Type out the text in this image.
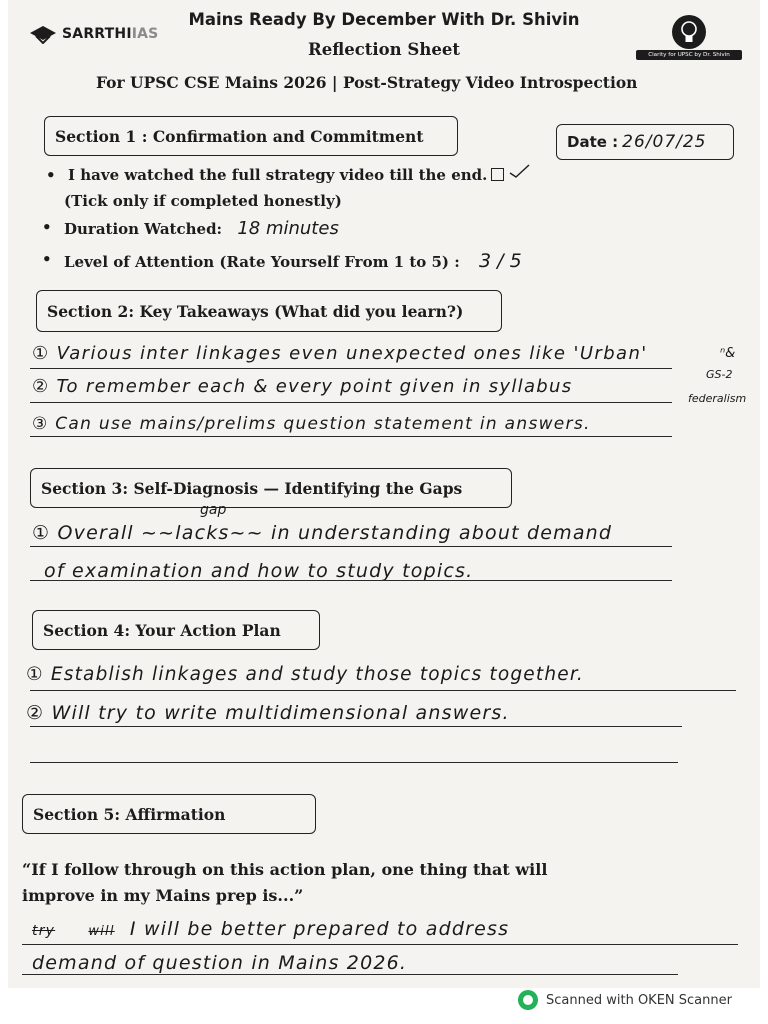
SARRTHIIAS
Mains Ready By December With Dr. Shivin
Reflection Sheet
For UPSC CSE Mains 2026 | Post-Strategy Video Introspection
Clarity for UPSC by Dr. Shivin
Section 1 : Confirmation and Commitment	Date : 26/07/25
• I have watched the full strategy video till the end.
(Tick only if completed honestly)
• Duration Watched: 18 minutes
• Level of Attention (Rate Yourself From 1 to 5) : 3 / 5
Section 2: Key Takeaways (What did you learn?)
① Various inter linkages even unexpected ones like 'Urban'	ⁿ&
GS-2
federalism
② To remember each & every point given in syllabus
③ Can use mains/prelims question statement in answers.
Section 3: Self-Diagnosis — Identifying the Gaps
gap
① Overall ~~lacks~~ in understanding about demand
of examination and how to study topics.
Section 4: Your Action Plan
① Establish linkages and study those topics together.
② Will try to write multidimensional answers.
Section 5: Affirmation
“If I follow through on this action plan, one thing that will
improve in my Mains prep is...”
try	will I will be better prepared to address
demand of question in Mains 2026.
Scanned with OKEN Scanner
